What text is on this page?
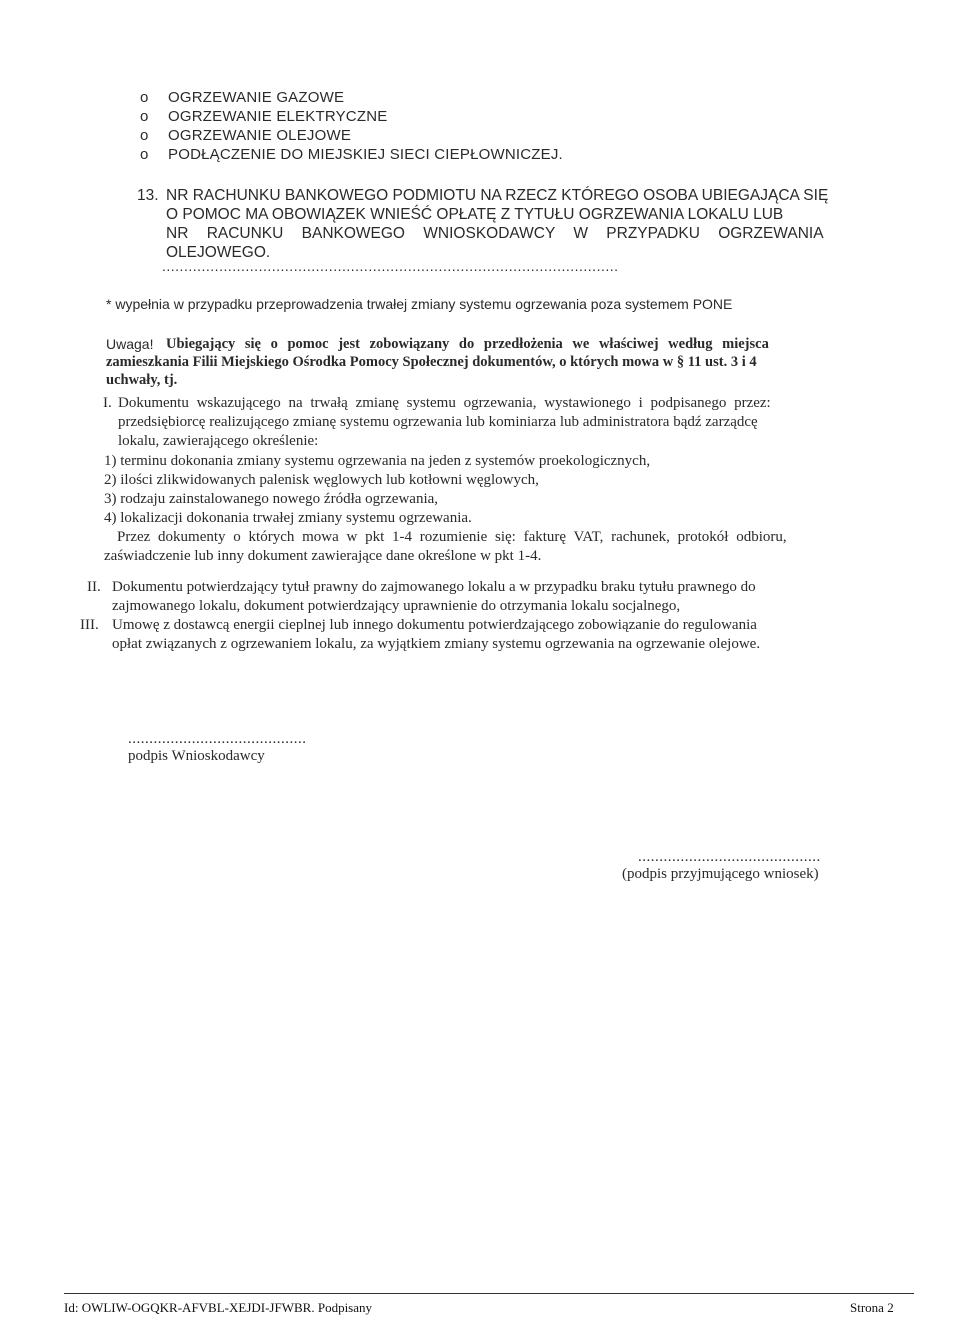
o OGRZEWANIE GAZOWE
o OGRZEWANIE ELEKTRYCZNE
o OGRZEWANIE OLEJOWE
o PODŁĄCZENIE DO MIEJSKIEJ SIECI CIEPŁOWNICZEJ.
13. NR RACHUNKU BANKOWEGO PODMIOTU NA RZECZ KTÓREGO OSOBA UBIEGAJĄCA SIĘ
O POMOC MA OBOWIĄZEK WNIEŚĆ OPŁATĘ Z TYTUŁU OGRZEWANIA LOKALU LUB
NR RACUNKU BANKOWEGO WNIOSKODAWCY W PRZYPADKU OGRZEWANIA
OLEJOWEGO.
........................................................................................................
* wypełnia w przypadku przeprowadzenia trwałej zmiany systemu ogrzewania poza systemem PONE
Uwaga! Ubiegający się o pomoc jest zobowiązany do przedłożenia we właściwej według miejsca
zamieszkania Filii Miejskiego Ośrodka Pomocy Społecznej dokumentów, o których mowa w § 11 ust. 3 i 4
uchwały, tj.
I. Dokumentu wskazującego na trwałą zmianę systemu ogrzewania, wystawionego i podpisanego przez:
przedsiębiorcę realizującego zmianę systemu ogrzewania lub kominiarza lub administratora bądź zarządcę
lokalu, zawierającego określenie:
1) terminu dokonania zmiany systemu ogrzewania na jeden z systemów proekologicznych,
2) ilości zlikwidowanych palenisk węglowych lub kotłowni węglowych,
3) rodzaju zainstalowanego nowego źródła ogrzewania,
4) lokalizacji dokonania trwałej zmiany systemu ogrzewania.
Przez dokumenty o których mowa w pkt 1-4 rozumienie się: fakturę VAT, rachunek, protokół odbioru,
zaświadczenie lub inny dokument zawierające dane określone w pkt 1-4.
II. Dokumentu potwierdzający tytuł prawny do zajmowanego lokalu a w przypadku braku tytułu prawnego do
zajmowanego lokalu, dokument potwierdzający uprawnienie do otrzymania lokalu socjalnego,
III. Umowę z dostawcą energii cieplnej lub innego dokumentu potwierdzającego zobowiązanie do regulowania
opłat związanych z ogrzewaniem lokalu, za wyjątkiem zmiany systemu ogrzewania na ogrzewanie olejowe.
..........................................
podpis Wnioskodawcy
...........................................
(podpis przyjmującego wniosek)
Id: OWLIW-OGQKR-AFVBL-XEJDI-JFWBR. Podpisany	Strona 2
